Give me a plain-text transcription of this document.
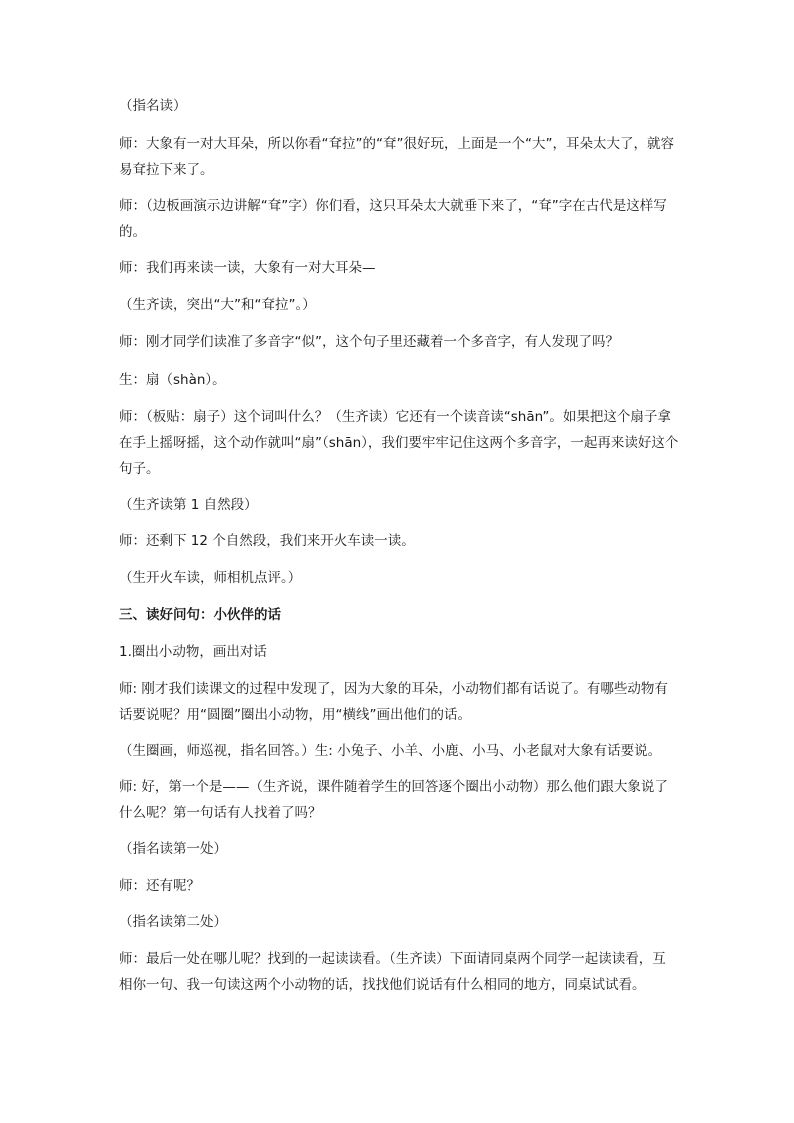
（指名读）

师：大象有一对大耳朵，所以你看“耷拉”的“耷”很好玩，上面是一个“大”，耳朵太大了，就容易耷拉下来了。

师：（边板画演示边讲解“耷”字）你们看，这只耳朵太大就垂下来了，“耷”字在古代是这样写的。

师：我们再来读一读，大象有一对大耳朵—

（生齐读，突出“大”和“耷拉”。）

师：刚才同学们读准了多音字“似”，这个句子里还藏着一个多音字，有人发现了吗？

生：扇（shàn）。

师：（板贴：扇子）这个词叫什么？（生齐读）它还有一个读音读“shān”。如果把这个扇子拿在手上摇呀摇，这个动作就叫“扇”（shān），我们要牢牢记住这两个多音字，一起再来读好这个句子。

（生齐读第 1 自然段）

师：还剩下 12 个自然段，我们来开火车读一读。

（生开火车读，师相机点评。）

三、读好问句：小伙伴的话

1.圈出小动物，画出对话

师: 刚才我们读课文的过程中发现了，因为大象的耳朵，小动物们都有话说了。有哪些动物有话要说呢？用“圆圈”圈出小动物，用“横线”画出他们的话。

（生圈画，师巡视，指名回答。）生: 小兔子、小羊、小鹿、小马、小老鼠对大象有话要说。

师: 好，第一个是——（生齐说，课件随着学生的回答逐个圈出小动物）那么他们跟大象说了什么呢？第一句话有人找着了吗？

（指名读第一处）

师：还有呢？

（指名读第二处）

师：最后一处在哪儿呢？找到的一起读读看。（生齐读）下面请同桌两个同学一起读读看，互相你一句、我一句读这两个小动物的话，找找他们说话有什么相同的地方，同桌试试看。
